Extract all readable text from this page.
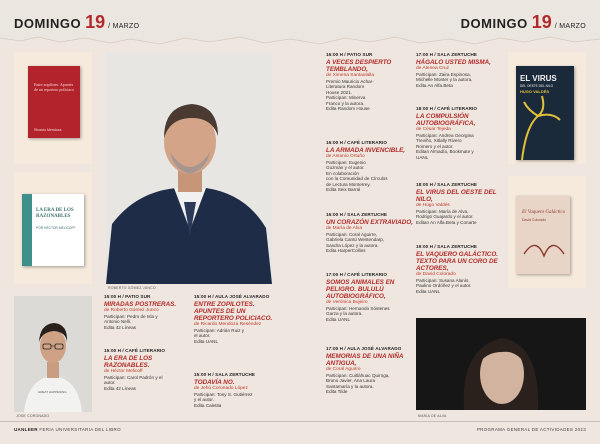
DOMINGO 19 / MARZO	DOMINGO 19 / MARZO
Entre zopilotes. Apuntes de un reportero policiaco
Ricardo Mendoza
LA ERA DE LOS RAZONABLES
POR HÉCTOR MELICOFF
GREAT HAPPENING
JOSE CORONADO
ROBERTO GÓMEZ JUNCO
EL VIRUS
DEL OESTE DEL NILO
HUGO VALDÉS
El Vaquero Galáctico
David Colorado
MARIA DE ALVA
15:00 H / PATIO SUR
MIRADAS POSTRERAS.
de Roberto Gómez Junco
Participan: Pedro de Isla y
Antonio Nelli.
Edita 42 Líneas
15:00 H / CAFÉ LITERARIO
LA ERA DE LOS RAZONABLES.
de Héctor Melicoff
Participan: Carol Padrón y el
autor.
Edita 42 Líneas
15:00 H / AULA JOSÉ ALVARADO
ENTRE ZOPILOTES. APUNTES DE UN REPORTERO POLICIACO.
de Ricardo Mendoza Reséndez
Participan: Adrián Ruiz y
el autor.
Edita UANL
15:00 H / SALA ZERTUCHE
TODAVÍA NO.
de Jehú Coronado López
Participan: Tony S. Gutiérrez
y el autor.
Edita Caletita
16:00 H / PATIO SUR
A VECES DESPIERTO TEMBLANDO,
de Ximena Santaolalla
Premio Mauricio Achar-
Literatura Random
House 2021.
Participan: Minerva
Franco y la autora.
Edita Random House
16:00 H / CAFÉ LITERARIO
LA ARMADA INVENCIBLE,
de Antonio Ortuño
Participan: Eugenio
Guzmán y el autor.
En colaboración
con la Comunidad de Círculos
de Lectura Monterrey.
Edita Seix Barral
16:00 H / SALA ZERTUCHE
UN CORAZÓN EXTRAVIADO,
de María de Alva
Participan: Coral Aguirre,
Gabriela Cantú Westendarp,
Sandra López y la autora.
Edita HarperCollins
17:00 H / CAFÉ LITERARIO
SOMOS ANIMALES EN PELIGRO. BULULÚ AUTOBIOGRÁFICO,
de Verónica Bujeiro
Participan: Hernando Sóstenes
Garza y la autora.
Edita UANL
17:00 H / AULA JOSÉ ALVARADO
MEMORIAS DE UNA NIÑA ANTIGUA,
de Coral Aguirre
Participan: Cuitláhuac Quiroga,
Bruno Javier, Ana Laura
Santamaría y la autora.
Edita Tilde
17:00 H / SALA ZERTUCHE
HÁGALO USTED MISMA,
de Atenea Cruz
Participan: Zaira Espinosa,
Michelle Monter y la autora.
Edita An Alfa.Beta
18:00 H / CAFÉ LITERARIO
LA COMPULSIÓN AUTOBIOGRÁFICA,
de César Tejeda
Participan: Andrea Georgina
Treviño, Xitlally Rivero
Romero y el autor.
Editan Almadía, Bookmate y
UANL
18:00 H / SALA ZERTUCHE
EL VIRUS DEL OESTE DEL NILO,
de Hugo Valdés
Participan: María de Alva,
Rodrigo Guajardo y el autor.
Editan An Alfa.Beta y Conarte
19:00 H / SALA ZERTUCHE
EL VAQUERO GALÁCTICO. TEXTO PARA UN CORO DE ACTORES,
de David Colorado
Participan: Susana Alanís,
Paulino Ordóñez y el autor.
Edita UANL
UANLEER FERIA UNIVERSITARIA DEL LIBRO	PROGRAMA GENERAL DE ACTIVIDADES 2023
